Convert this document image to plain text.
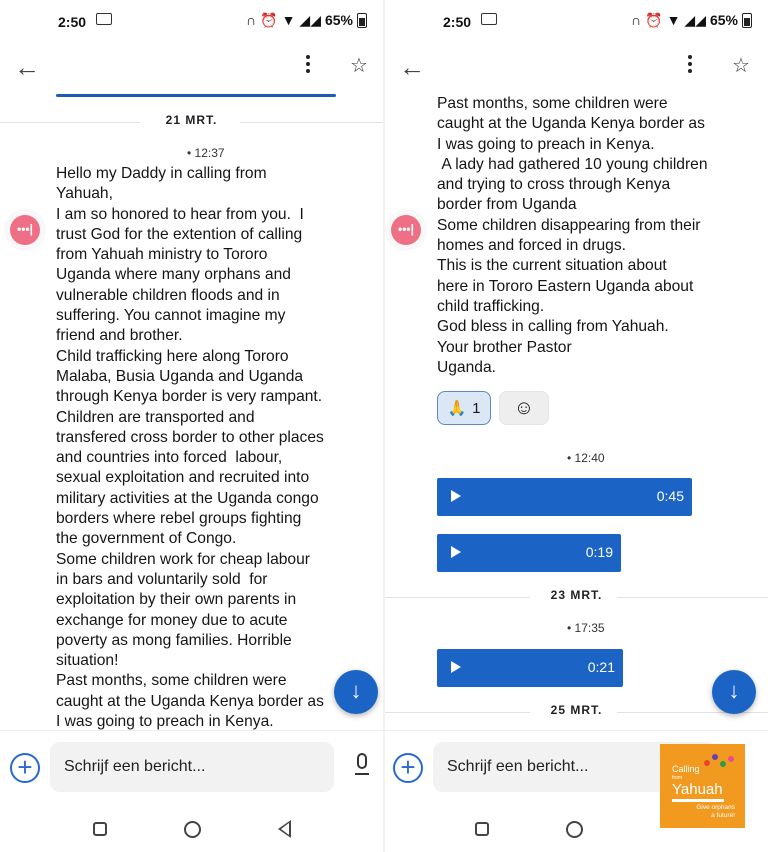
2:50	∩ ⏰ ▼ ◢◢ 65%
←	☆
21 MRT.
• 12:37
•••|
Hello my Daddy in calling from
Yahuah,
I am so honored to hear from you.  I
trust God for the extention of calling
from Yahuah ministry to Tororo
Uganda where many orphans and
vulnerable children floods and in
suffering. You cannot imagine my
friend and brother.
Child trafficking here along Tororo
Malaba, Busia Uganda and Uganda
through Kenya border is very rampant.
Children are transported and
transfered cross border to other places
and countries into forced  labour,
sexual exploitation and recruited into
military activities at the Uganda congo
borders where rebel groups fighting
the government of Congo.
Some children work for cheap labour
in bars and voluntarily sold  for
exploitation by their own parents in
exchange for money due to acute
poverty as mong families. Horrible
situation!
Past months, some children were
caught at the Uganda Kenya border as
I was going to preach in Kenya.
↓
+
Schrijf een bericht...
2:50	∩ ⏰ ▼ ◢◢ 65%
←	☆
Past months, some children were
caught at the Uganda Kenya border as
I was going to preach in Kenya.
A lady had gathered 10 young children
and trying to cross through Kenya
border from Uganda
Some children disappearing from their
homes and forced in drugs.
This is the current situation about
here in Tororo Eastern Uganda about
child trafficking.
God bless in calling from Yahuah.
Your brother Pastor
Uganda.
•••|
🙏 1 ☺
• 12:40
0:45
0:19
23 MRT.
• 17:35
0:21
25 MRT.
↓
+
Schrijf een bericht...	Calling
from
Yahuah
Give orphans
a future!
